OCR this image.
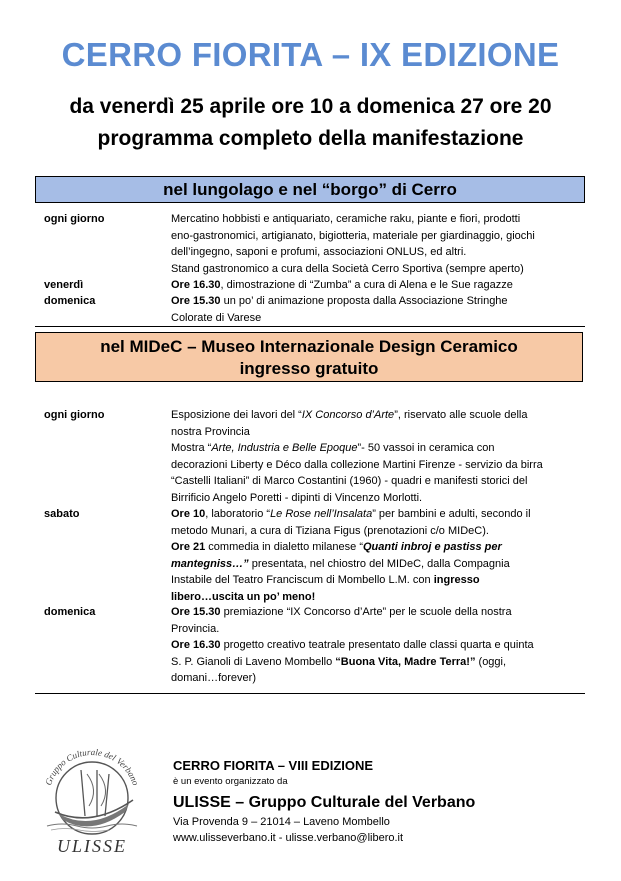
CERRO FIORITA – IX EDIZIONE
da venerdì 25 aprile ore 10 a domenica 27 ore 20
programma completo della manifestazione
nel lungolago e nel “borgo” di Cerro
ogni giorno	Mercatino hobbisti e antiquariato, ceramiche raku, piante e fiori, prodotti

eno-gastronomici, artigianato, bigiotteria, materiale per giardinaggio, giochi

dell’ingegno, saponi e profumi, associazioni ONLUS, ed altri.

Stand gastronomico a cura della Società Cerro Sportiva (sempre aperto)

venerdì	Ore 16.30, dimostrazione di “Zumba” a cura di Alena e le Sue ragazze

domenica	Ore 15.30 un po’ di animazione proposta dalla Associazione Stringhe

Colorate di Varese

nel MIDeC – Museo Internazionale Design Ceramico
ingresso gratuito
ogni giorno	Esposizione dei lavori del “IX Concorso d’Arte”, riservato alle scuole della

nostra Provincia

Mostra “Arte, Industria e Belle Epoque”- 50 vassoi in ceramica con

decorazioni Liberty e Déco dalla collezione Martini Firenze - servizio da birra

“Castelli Italiani” di Marco Costantini (1960) - quadri e manifesti storici del

Birrificio Angelo Poretti - dipinti di Vincenzo Morlotti.

sabato	Ore 10, laboratorio “Le Rose nell’Insalata” per bambini e adulti, secondo il

metodo Munari, a cura di Tiziana Figus (prenotazioni c/o MIDeC).

Ore 21 commedia in dialetto milanese “Quanti inbroj e pastiss per

mantegniss…” presentata, nel chiostro del MIDeC, dalla Compagnia

Instabile del Teatro Franciscum di Mombello L.M. con ingresso

libero…uscita un po’ meno!

domenica	Ore 15.30 premiazione “IX Concorso d’Arte” per le scuole della nostra

Provincia.

Ore 16.30 progetto creativo teatrale presentato dalle classi quarta e quinta

S. P. Gianoli di Laveno Mombello “Buona Vita, Madre Terra!” (oggi,

domani…forever)

Gruppo Culturale del Verbano
ULISSE
CERRO FIORITA – VIII EDIZIONE
è un evento organizzato da
ULISSE – Gruppo Culturale del Verbano
Via Provenda 9 – 21014 – Laveno Mombello
www.ulisseverbano.it - ulisse.verbano@libero.it
